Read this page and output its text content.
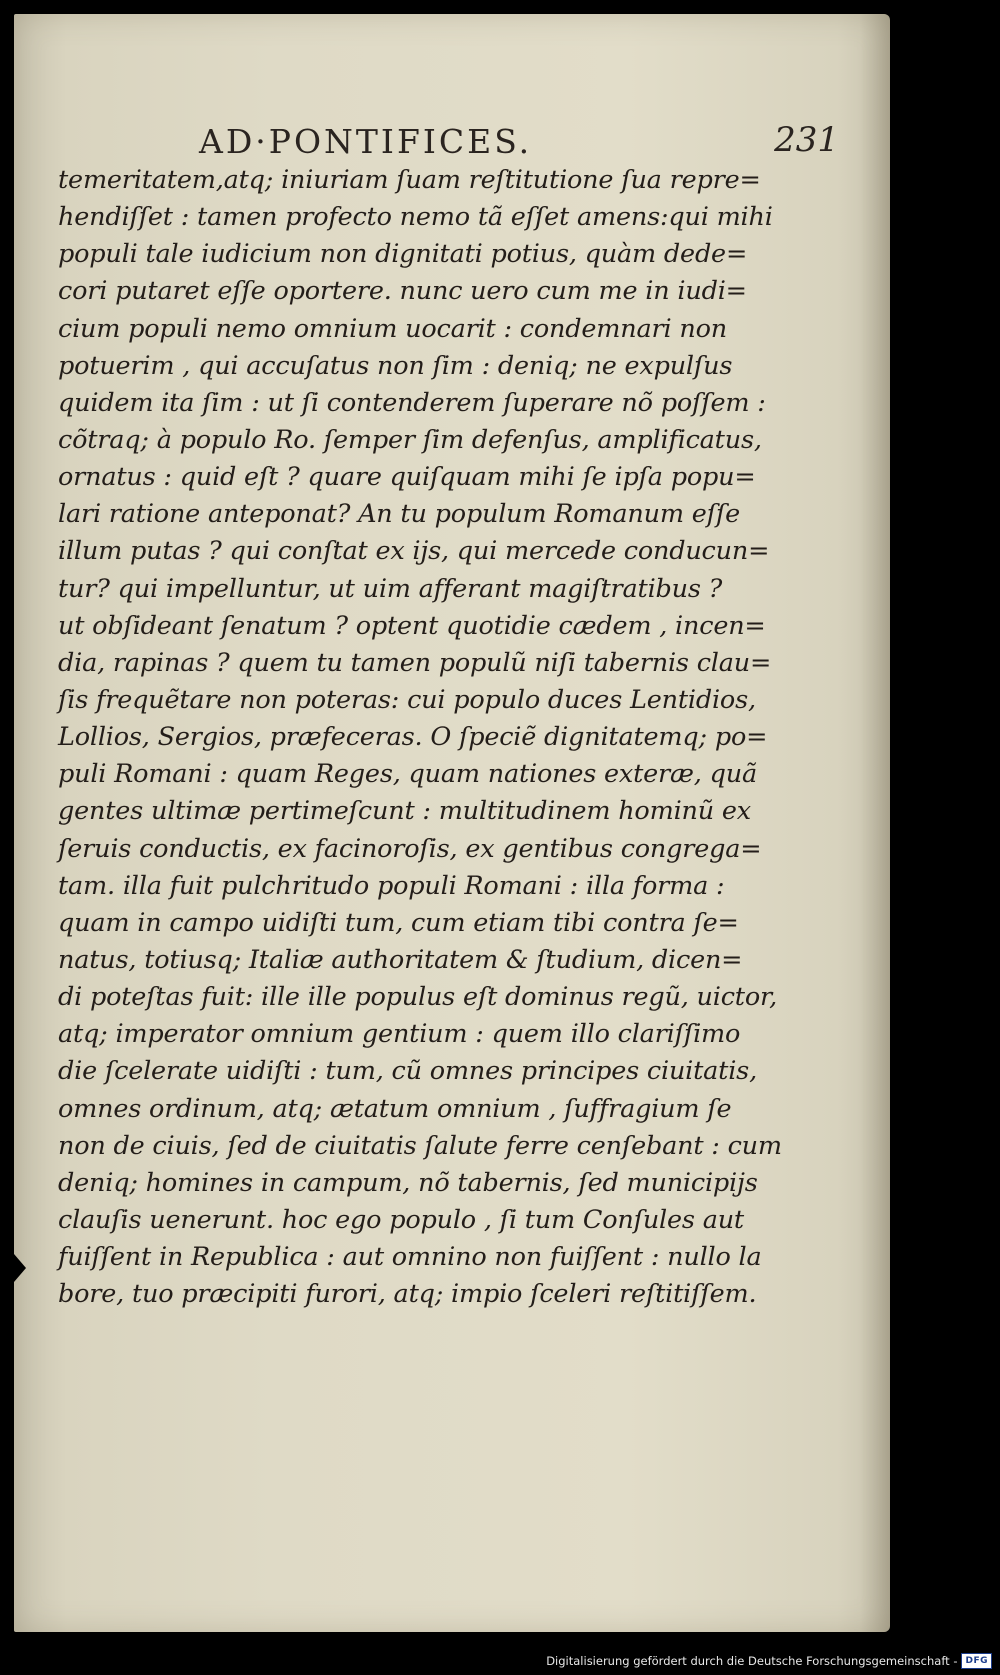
AD·PONTIFICES.	231
temeritatem,atq; iniuriam ſuam reſtitutione ſua repre=
hendiſſet : tamen profecto nemo tã eſſet amens:qui mihi
populi tale iudicium non dignitati potius, quàm dede=
cori putaret eſſe oportere. nunc uero cum me in iudi=
cium populi nemo omnium uocarit : condemnari non
potuerim , qui accuſatus non ſim : deniq; ne expulſus
quidem ita ſim : ut ſi contenderem ſuperare nõ poſſem :
cõtraq; à populo Ro. ſemper ſim defenſus, amplificatus,
ornatus : quid eſt ? quare quiſquam mihi ſe ipſa popu=
lari ratione anteponat? An tu populum Romanum eſſe
illum putas ? qui conſtat ex iјs, qui mercede conducun=
tur? qui impelluntur, ut uim afferant magiſtratibus ?
ut obſideant ſenatum ? optent quotidie cædem , incen=
dia, rapinas ? quem tu tamen populũ niſi tabernis clau=
ſis frequẽtare non poteras: cui populo duces Lentidios,
Lollios, Sergios, præfeceras. O ſpeciẽ dignitatemq; po=
puli Romani : quam Reges, quam nationes exteræ, quã
gentes ultimæ pertimeſcunt : multitudinem hominũ ex
ſeruis conductis, ex facinoroſis, ex gentibus congrega=
tam. illa fuit pulchritudo populi Romani : illa forma :
quam in campo uidiſti tum, cum etiam tibi contra ſe=
natus, totiusq; Italiæ authoritatem & ſtudium, dicen=
di poteſtas fuit: ille ille populus eſt dominus regũ, uictor,
atq; imperator omnium gentium : quem illo clariſſimo
die ſcelerate uidiſti : tum, cũ omnes principes ciuitatis,
omnes ordinum, atq; ætatum omnium , ſuffragium ſe
non de ciuis, ſed de ciuitatis ſalute ferre cenſebant : cum
deniq; homines in campum, nõ tabernis, ſed municipiјs
clauſis uenerunt. hoc ego populo , ſi tum Conſules aut
fuiſſent in Republica : aut omnino non fuiſſent : nullo la
bore, tuo præcipiti furori, atq; impio ſceleri reſtitiſſem.
Digitalisierung gefördert durch die Deutsche Forschungsgemeinschaft - DFG
